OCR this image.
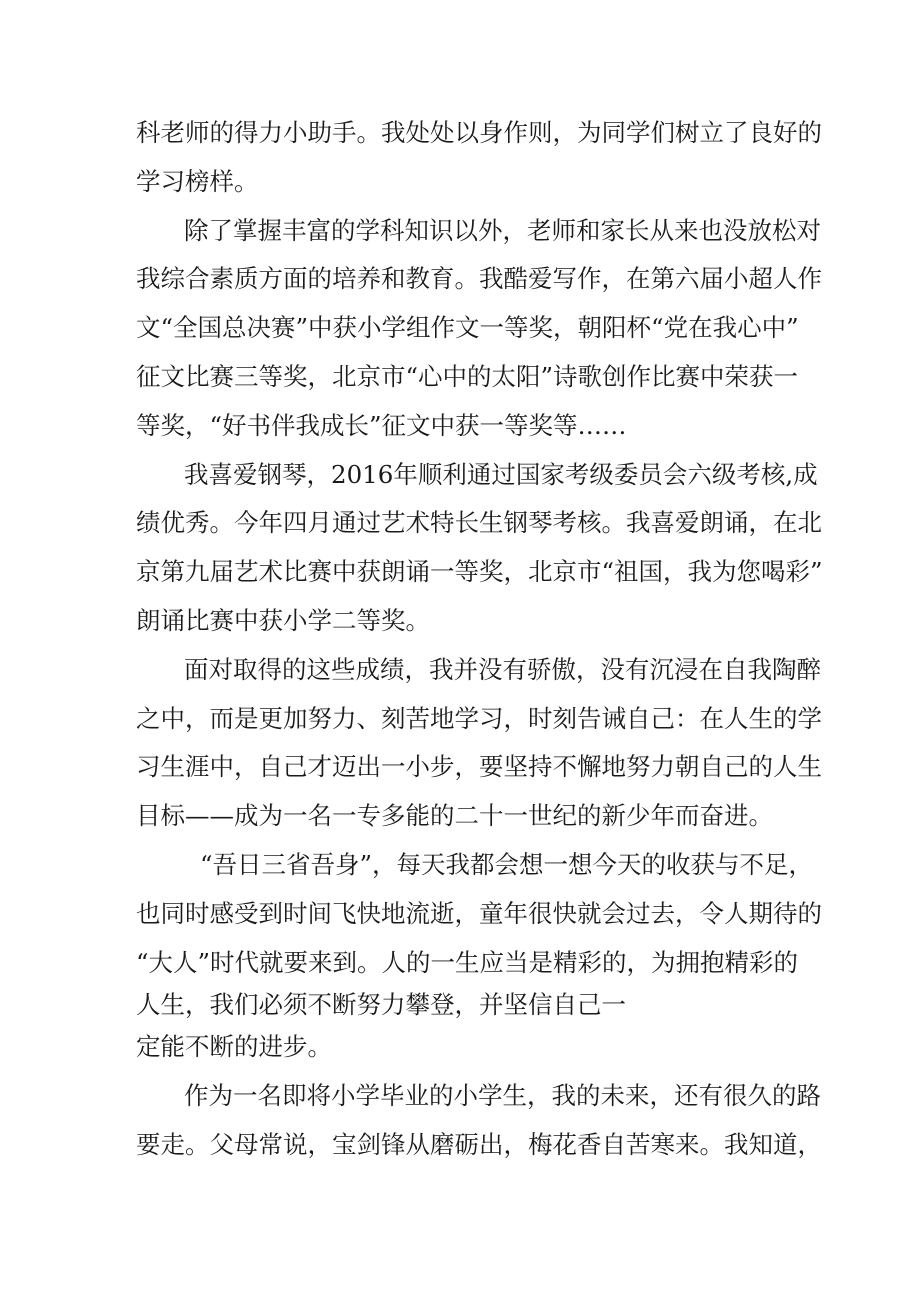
科老师的得力小助手。我处处以身作则，为同学们树立了良好的
学习榜样。
除了掌握丰富的学科知识以外，老师和家长从来也没放松对
我综合素质方面的培养和教育。我酷爱写作，在第六届小超人作
文“全国总决赛”中获小学组作文一等奖，朝阳杯“党在我心中”
征文比赛三等奖，北京市“心中的太阳”诗歌创作比赛中荣获一
等奖，“好书伴我成长”征文中获一等奖等……
我喜爱钢琴，2016年顺利通过国家考级委员会六级考核,成
绩优秀。今年四月通过艺术特长生钢琴考核。我喜爱朗诵，在北
京第九届艺术比赛中获朗诵一等奖，北京市“祖国，我为您喝彩”
朗诵比赛中获小学二等奖。
面对取得的这些成绩，我并没有骄傲，没有沉浸在自我陶醉
之中，而是更加努力、刻苦地学习，时刻告诫自己：在人生的学
习生涯中，自己才迈出一小步，要坚持不懈地努力朝自己的人生
目标——成为一名一专多能的二十一世纪的新少年而奋进。
“吾日三省吾身”，每天我都会想一想今天的收获与不足，
也同时感受到时间飞快地流逝，童年很快就会过去，令人期待的
“大人”时代就要来到。人的一生应当是精彩的，为拥抱精彩的
人生，我们必须不断努力攀登，并坚信自己一
定能不断的进步。
作为一名即将小学毕业的小学生，我的未来，还有很久的路
要走。父母常说，宝剑锋从磨砺出，梅花香自苦寒来。我知道，
